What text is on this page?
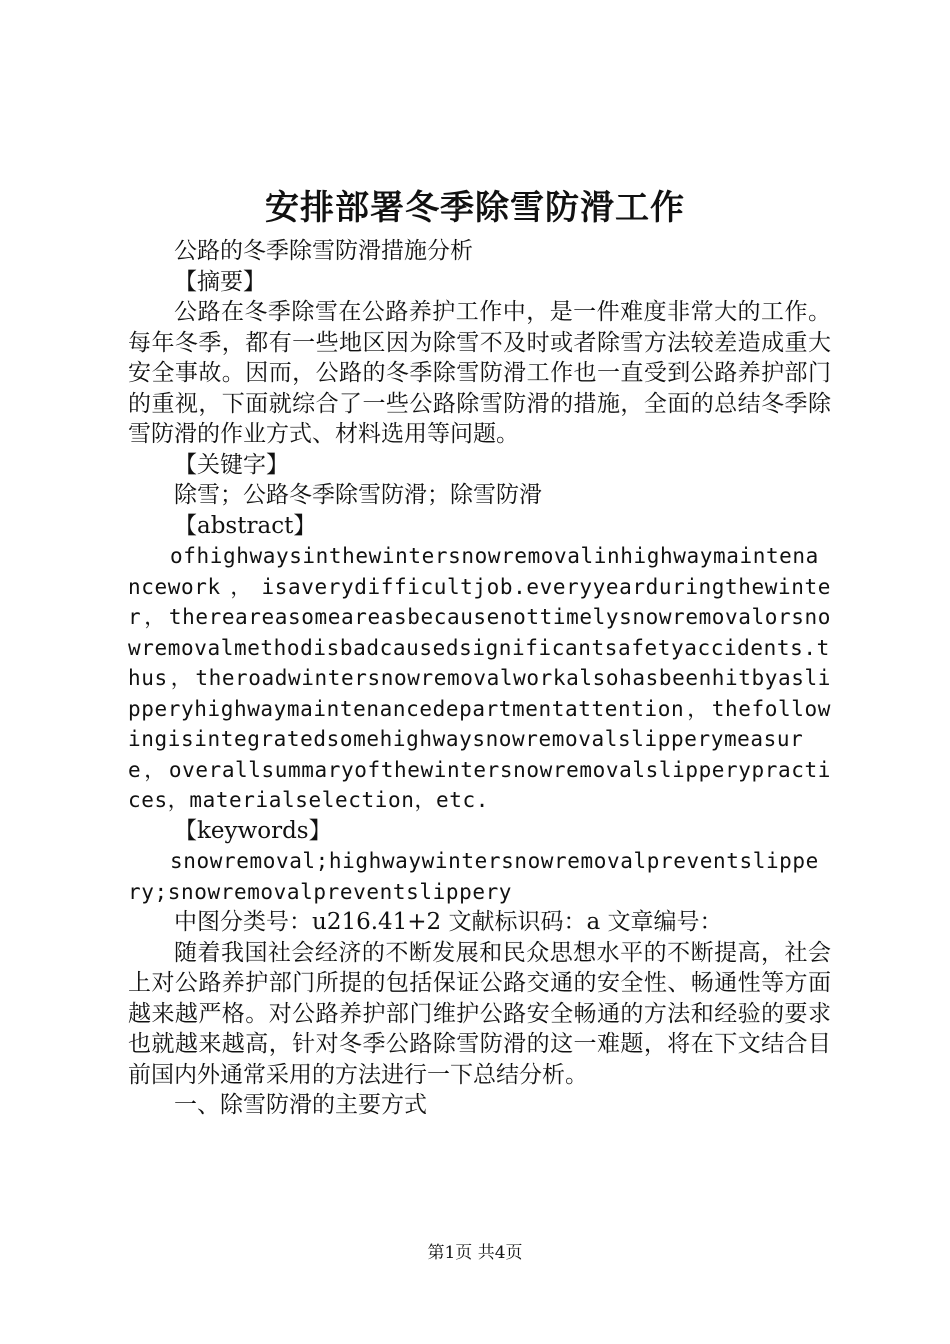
安排部署冬季除雪防滑工作

公路的冬季除雪防滑措施分析

【摘要】

公路在冬季除雪在公路养护工作中，是一件难度非常大的工作。每年冬季，都有一些地区因为除雪不及时或者除雪方法较差造成重大安全事故。因而，公路的冬季除雪防滑工作也一直受到公路养护部门的重视，下面就综合了一些公路除雪防滑的措施，全面的总结冬季除雪防滑的作业方式、材料选用等问题。

【关键字】

除雪；公路冬季除雪防滑；除雪防滑

【abstract】

ofhighwaysinthewintersnowremovalinhighwaymaintenancework，isaverydifficultjob.everyyearduringthewinter，thereareasomeareasbecausenottimelysnowremovalorsnowremovalmethodisbadcausedsignificantsafetyaccidents.thus，theroadwintersnowremovalworkalsohasbeenhitbyaslipperyhighwaymaintenancedepartmentattention，thefollowingisintegratedsomehighwaysnowremovalslipperymeasure，overallsummaryofthewintersnowremovalslipperypractices，materialselection，etc.

【keywords】

snowremoval;highwaywintersnowremovalpreventslippery;snowremovalpreventslippery

中图分类号：u216.41+2 文献标识码：a 文章编号：

随着我国社会经济的不断发展和民众思想水平的不断提高，社会上对公路养护部门所提的包括保证公路交通的安全性、畅通性等方面越来越严格。对公路养护部门维护公路安全畅通的方法和经验的要求也就越来越高，针对冬季公路除雪防滑的这一难题，将在下文结合目前国内外通常采用的方法进行一下总结分析。

一、除雪防滑的主要方式

第1页 共4页
